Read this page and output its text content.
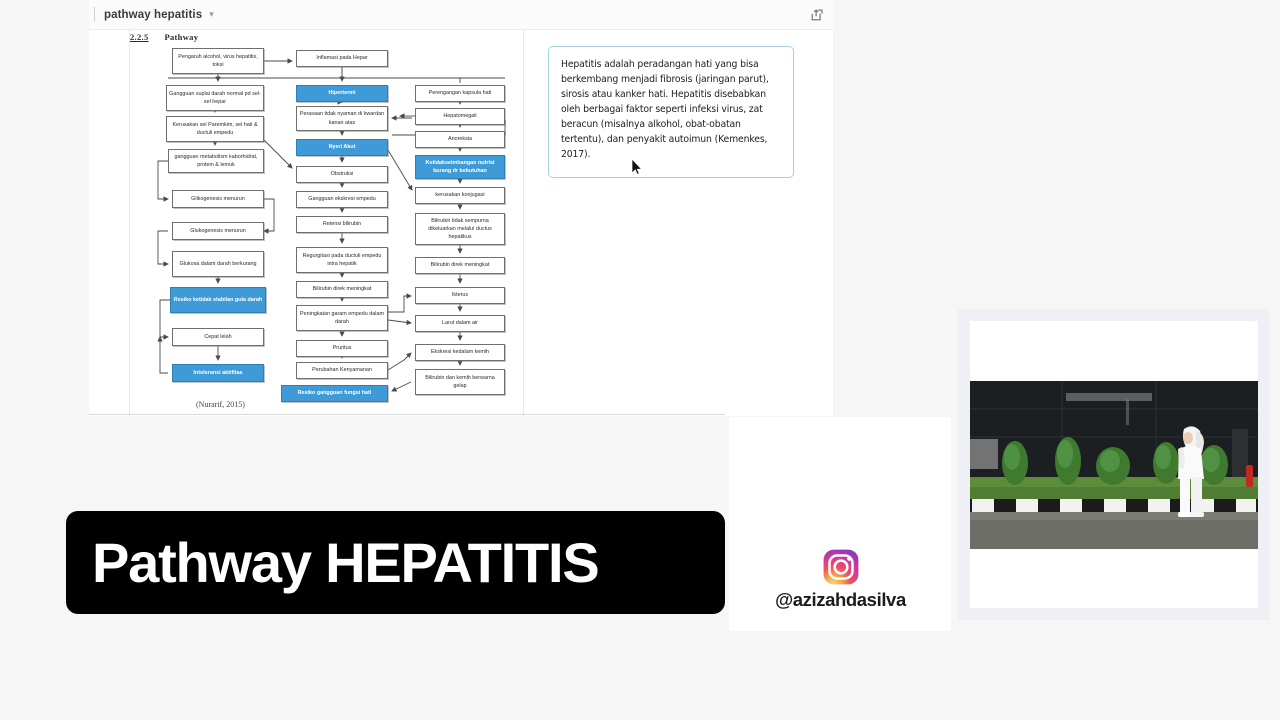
pathway hepatitis ▾
2.2.5 Pathway
Pengaruh alcohol, virus hepatitis, toksi
Inflamasi pada Hepar
Gangguan suplai darah normal pd sel-sel hepar
Hipertermi	Perengangan kapsula hati
Kerusakan sel Paremkim, sel hati & ductuli empedu
Perasaan tidak nyaman di kwardan kanan atas
Hepatomegali
gangguan metabolism kaborhidrat, protein & lemuk
Nyeri Akut
Anoreksia
Ketidakseimbangan nutrisi kurang dr kebutuhan
Obstruksi
Glikogenesis menurun	Gangguan ekskresi empedu
kerusakan konjugasi
Glukogenesis menurun
Retensi bilirubin
Bilirubin tidak sempurna dikeluarkan melalui ductus hepatikus
Glukosa dalam darah berkurang
Regurgitasi pada ductuli empedu intra hepatik	Bilirubin direk meningkat
Resiko ketidak stabilan gula darah
Bilirubin direk meningkat
Ikterus
Peningkatan garam empedu dalam darah	Larut dalam air
Cepat lelah
Pruritus
Ekskresi kedalam kemih
Intoleransi aktifitas	Perubahan Kenyamanan
Bilirubin dan kemih berwarna gelap
Resiko gangguan fungsi hati
(Nurarif, 2015)
Hepatitis adalah peradangan hati yang bisa berkembang menjadi fibrosis (jaringan parut), sirosis atau kanker hati. Hepatitis disebabkan oleh berbagai faktor seperti infeksi virus, zat beracun (misalnya alkohol, obat-obatan tertentu), dan penyakit autoimun (Kemenkes, 2017).
Pathway HEPATITIS
@azizahdasilva
